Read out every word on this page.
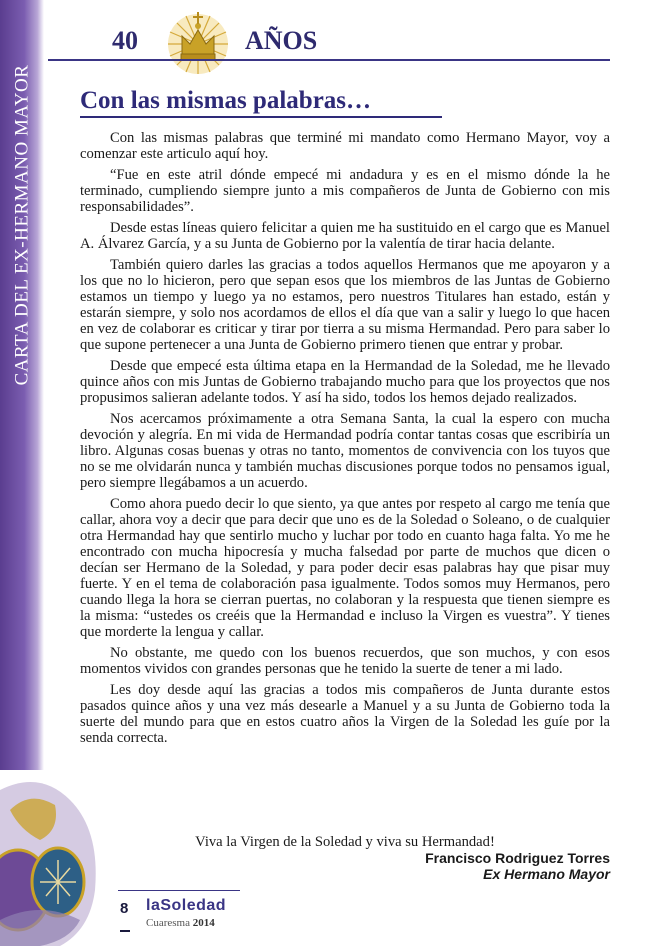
CARTA DEL EX-HERMANO MAYOR
40	AÑOS
Con las mismas palabras…

Con las mismas palabras que terminé mi mandato como Hermano Mayor, voy a comenzar este articulo aquí hoy.

“Fue en este atril dónde empecé mi andadura y es en el mismo dónde la he terminado, cumpliendo siempre junto a mis compañeros de Junta de Gobierno con mis responsabilidades”.

Desde estas líneas quiero felicitar a quien me ha sustituido en el cargo que es Manuel A. Álvarez García, y a su Junta de Gobierno por la valentía de tirar hacia delante.

También quiero darles las gracias a todos aquellos Hermanos que me apoyaron y a los que no lo hicieron, pero que sepan esos que los miembros de las Juntas de Gobierno estamos un tiempo y luego ya no estamos, pero nuestros Titulares han estado, están y estarán siempre, y solo nos acordamos de ellos el día que van a salir y luego lo que hacen en vez de colaborar es criticar y tirar por tierra a su misma Hermandad. Pero para saber lo que supone pertenecer a una Junta de Gobierno primero tienen que entrar y probar.

Desde que empecé esta última etapa en la Hermandad de la Soledad, me he llevado quince años con mis Juntas de Gobierno trabajando mucho para que los proyectos que nos propusimos salieran adelante todos. Y así ha sido, todos los hemos dejado realizados.

Nos acercamos próximamente a otra Semana Santa, la cual la espero con mucha devoción y alegría. En mi vida de Hermandad podría contar tantas cosas que escribiría un libro. Algunas cosas buenas y otras no tanto, momentos de convivencia con los tuyos que no se me olvidarán nunca y también muchas discusiones porque todos no pensamos igual, pero siempre llegábamos a un acuerdo.

Como ahora puedo decir lo que siento, ya que antes por respeto al cargo me tenía que callar, ahora voy a decir que para decir que uno es de la Soledad o Soleano, o de cualquier otra Hermandad hay que sentirlo mucho y luchar por todo en cuanto haga falta. Yo me he encontrado con mucha hipocresía y mucha falsedad por parte de muchos que dicen o decían ser Hermano de la Soledad, y para poder decir esas palabras hay que pisar muy fuerte. Y en el tema de colaboración pasa igualmente. Todos somos muy Hermanos, pero cuando llega la hora se cierran puertas, no colaboran y la respuesta que tienen siempre es la misma: “ustedes os creéis que la Hermandad e incluso la Virgen es vuestra”. Y tienes que morderte la lengua y callar.

No obstante, me quedo con los buenos recuerdos, que son muchos, y con esos momentos vividos con grandes personas que he tenido la suerte de tener a mi lado.

Les doy desde aquí las gracias a todos mis compañeros de Junta durante estos pasados quince años y una vez más desearle a Manuel y a su Junta de Gobierno toda la suerte del mundo para que en estos cuatro años la Virgen de la Soledad les guíe por la senda correcta.

Viva la Virgen de la Soledad y viva su Hermandad!
Francisco Rodriguez Torres
Ex Hermano Mayor
8 laSoledad
Cuaresma 2014
